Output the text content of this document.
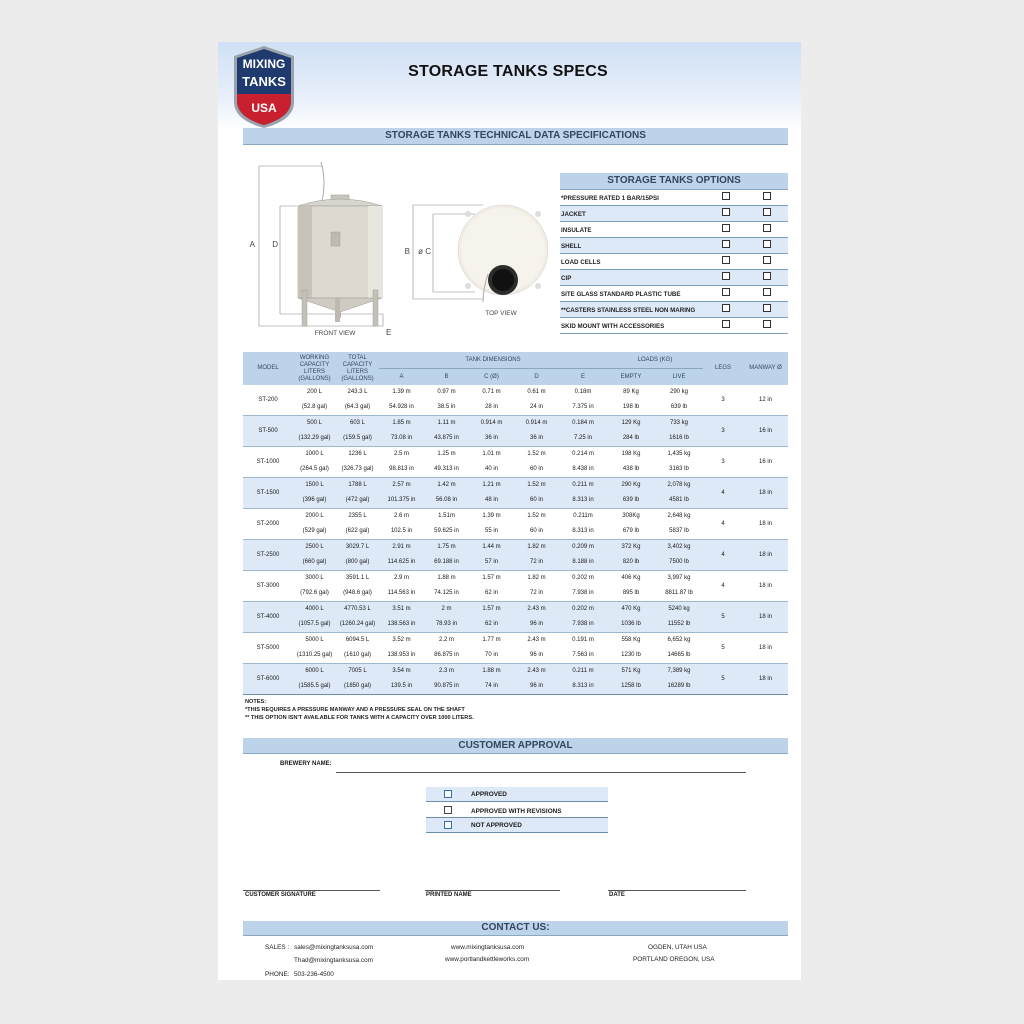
MIXING
TANKS
USA
STORAGE TANKS SPECS
STORAGE TANKS TECHNICAL DATA SPECIFICATIONS
A D
E
FRONT VIEW
B ø C
TOP VIEW
STORAGE TANKS OPTIONS
*PRESSURE RATED 1 BAR/15PSI
JACKET
INSULATE
SHELL
LOAD CELLS
CIP
SITE GLASS STANDARD PLASTIC TUBE
**CASTERS STAINLESS STEEL NON MARING
SKID MOUNT WITH ACCESSORIES
MODEL	WORKING CAPACITY LITERS (GALLONS)	TOTAL CAPACITY LITERS (GALLONS)	TANK DIMENSIONS					LOADS (KG)		LEGS	MANWAY Ø
			A	B	C (Ø)	D	E	EMPTY	LIVE		
ST-200	200 L	243.3 L	1.39 m	0.97 m	0.71 m	0.61 m	0.18m	89 Kg	290 kg	3	12 in
	(52.8 gal)	(64.3 gal)	54.928 in	38.5 in	28 in	24 in	7.375 in	198 lb	639 lb		
ST-500	500 L	603 L	1.85 m	1.11 m	0.914 m	0.914 m	0.184 m	129 Kg	733 kg	3	16 in
	(132.29 gal)	(159.5 gal)	73.08 in	43.875 in	36 in	36 in	7.25 in	284 lb	1616 lb		
ST-1000	1000 L	1236 L	2.5 m	1.25 m	1.01 m	1.52 m	0.214 m	198 Kg	1,435 kg	3	16 in
	(264.5 gal)	(326.73 gal)	98.813 in	49.313 in	40 in	60 in	8.438 in	438 lb	3163 lb		
ST-1500	1500 L	1788 L	2.57 m	1.42 m	1.21 m	1.52 m	0.211 m	290 Kg	2,078 kg	4	18 in
	(396 gal)	(472 gal)	101.375 in	56.08 in	48 in	60 in	8.313 in	639 lb	4581 lb		
ST-2000	2000 L	2355 L	2.6 m	1.51m	1.39 m	1.52 m	0.211m	308Kg	2,648 kg	4	18 in
	(529 gal)	(622 gal)	102.5 in	59.625 in	55 in	60 in	8.313 in	679 lb	5837 lb		
ST-2500	2500 L	3029.7 L	2.91 m	1.75 m	1.44 m	1.82 m	0.209 m	372 Kg	3,402 kg	4	18 in
	(660 gal)	(800 gal)	114.625 in	69.188 in	57 in	72 in	8.188 in	820 lb	7500 lb		
ST-3000	3000 L	3591.1 L	2.9 m	1.88 m	1.57 m	1.82 m	0.202 m	406 Kg	3,997 kg	4	18 in
	(792.6 gal)	(948.6 gal)	114.563 in	74.125 in	62 in	72 in	7.938 in	895 lb	8811.87 lb		
ST-4000	4000 L	4770.53 L	3.51 m	2 m	1.57 m	2.43 m	0.202 m	470 Kg	5240 kg	5	18 in
	(1057.5 gal)	(1260.24 gal)	138.563 in	78.93 in	62 in	96 in	7.938 in	1036 lb	11552 lb		
ST-5000	5000 L	6094.5 L	3.52 m	2.2 m	1.77 m	2.43 m	0.191 m	558 Kg	6,652 kg	5	18 in
	(1310.25 gal)	(1610 gal)	138.953 in	86.875 in	70 in	96 in	7.563 in	1230 lb	14665 lb		
ST-6000	6000 L	7005 L	3.54 m	2.3 m	1.88 m	2.43 m	0.211 m	571 Kg	7,389 kg	5	18 in
	(1585.5 gal)	(1850 gal)	139.5 in	90.875 in	74 in	96 in	8.313 in	1258 lb	16289 lb		
NOTES:
*THIS REQUIRES A PRESSURE MANWAY AND A PRESSURE SEAL ON THE SHAFT
** THIS OPTION ISN'T AVAILABLE FOR TANKS WITH A CAPACITY OVER 1000 LITERS.
CUSTOMER APPROVAL
BREWERY NAME:
APPROVED
APPROVED WITH REVISIONS
NOT APPROVED
CUSTOMER SIGNATURE	PRINTED NAME	DATE
CONTACT US:
SALES : sales@mixingtanksusa.com
Thad@mixingtanksusa.com
PHONE: 503-236-4500
www.mixingtanksusa.com
www.portlandkettleworks.com
OGDEN, UTAH USA
PORTLAND OREGON, USA
